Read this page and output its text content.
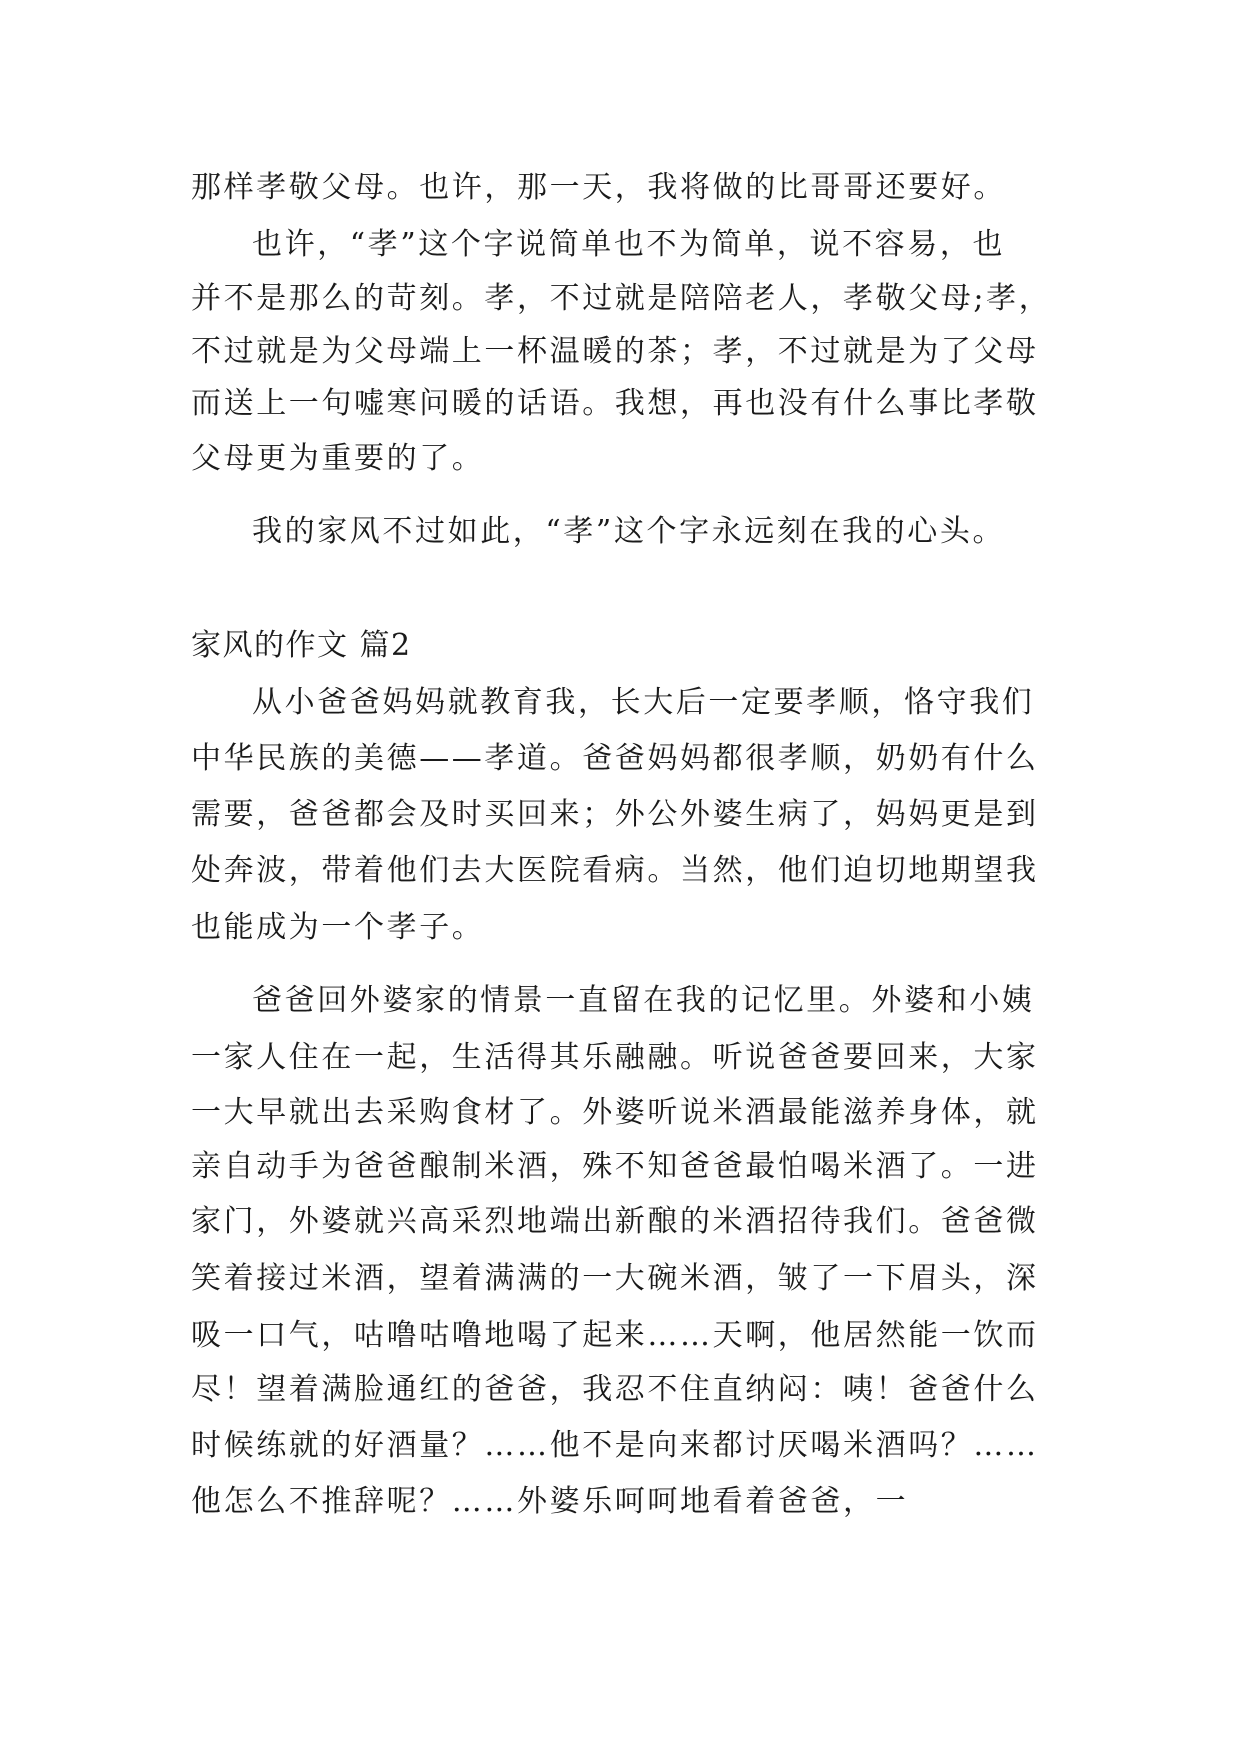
那样孝敬父母。也许，那一天，我将做的比哥哥还要好。
也许，“孝”这个字说简单也不为简单，说不容易，也
并不是那么的苛刻。孝，不过就是陪陪老人，孝敬父母;孝，
不过就是为父母端上一杯温暖的茶；孝，不过就是为了父母
而送上一句嘘寒问暖的话语。我想，再也没有什么事比孝敬
父母更为重要的了。
我的家风不过如此，“孝”这个字永远刻在我的心头。
家风的作文 篇2
从小爸爸妈妈就教育我，长大后一定要孝顺，恪守我们
中华民族的美德——孝道。爸爸妈妈都很孝顺，奶奶有什么
需要，爸爸都会及时买回来；外公外婆生病了，妈妈更是到
处奔波，带着他们去大医院看病。当然，他们迫切地期望我
也能成为一个孝子。
爸爸回外婆家的情景一直留在我的记忆里。外婆和小姨
一家人住在一起，生活得其乐融融。听说爸爸要回来，大家
一大早就出去采购食材了。外婆听说米酒最能滋养身体，就
亲自动手为爸爸酿制米酒，殊不知爸爸最怕喝米酒了。一进
家门，外婆就兴高采烈地端出新酿的米酒招待我们。爸爸微
笑着接过米酒，望着满满的一大碗米酒，皱了一下眉头，深
吸一口气，咕噜咕噜地喝了起来……天啊，他居然能一饮而
尽！望着满脸通红的爸爸，我忍不住直纳闷：咦！爸爸什么
时候练就的好酒量？……他不是向来都讨厌喝米酒吗？……
他怎么不推辞呢？……外婆乐呵呵地看着爸爸，一
